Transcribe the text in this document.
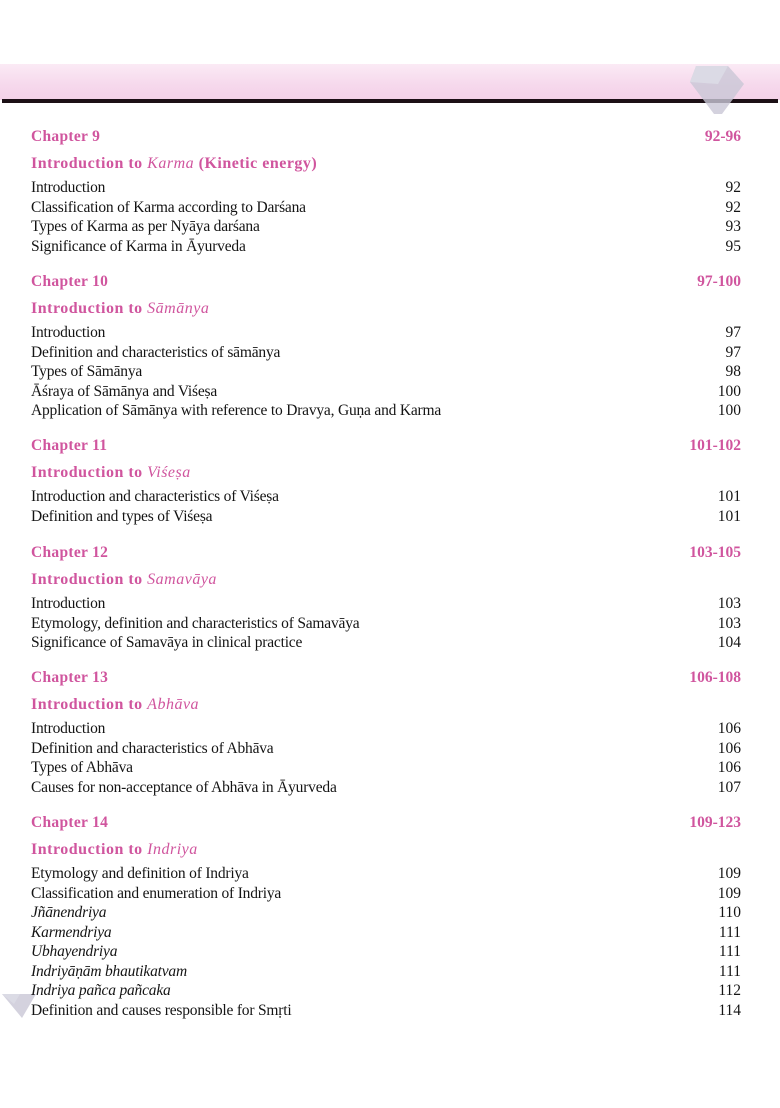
Chapter 9	92-96
Introduction to Karma (Kinetic energy)
Introduction	92
Classification of Karma according to Darśana	92
Types of Karma as per Nyāya darśana	93
Significance of Karma in Āyurveda	95
Chapter 10	97-100
Introduction to Sāmānya
Introduction	97
Definition and characteristics of sāmānya	97
Types of Sāmānya	98
Āśraya of Sāmānya and Viśeṣa	100
Application of Sāmānya with reference to Dravya, Guṇa and Karma	100
Chapter 11	101-102
Introduction to Viśeṣa
Introduction and characteristics of Viśeṣa	101
Definition and types of Viśeṣa	101
Chapter 12	103-105
Introduction to Samavāya
Introduction	103
Etymology, definition and characteristics of Samavāya	103
Significance of Samavāya in clinical practice	104
Chapter 13	106-108
Introduction to Abhāva
Introduction	106
Definition and characteristics of Abhāva	106
Types of Abhāva	106
Causes for non-acceptance of Abhāva in Āyurveda	107
Chapter 14	109-123
Introduction to Indriya
Etymology and definition of Indriya	109
Classification and enumeration of Indriya	109
Jñānendriya	110
Karmendriya	111
Ubhayendriya	111
Indriyāṇām bhautikatvam	111
Indriya pañca pañcaka	112
Definition and causes responsible for Smṛti	114
